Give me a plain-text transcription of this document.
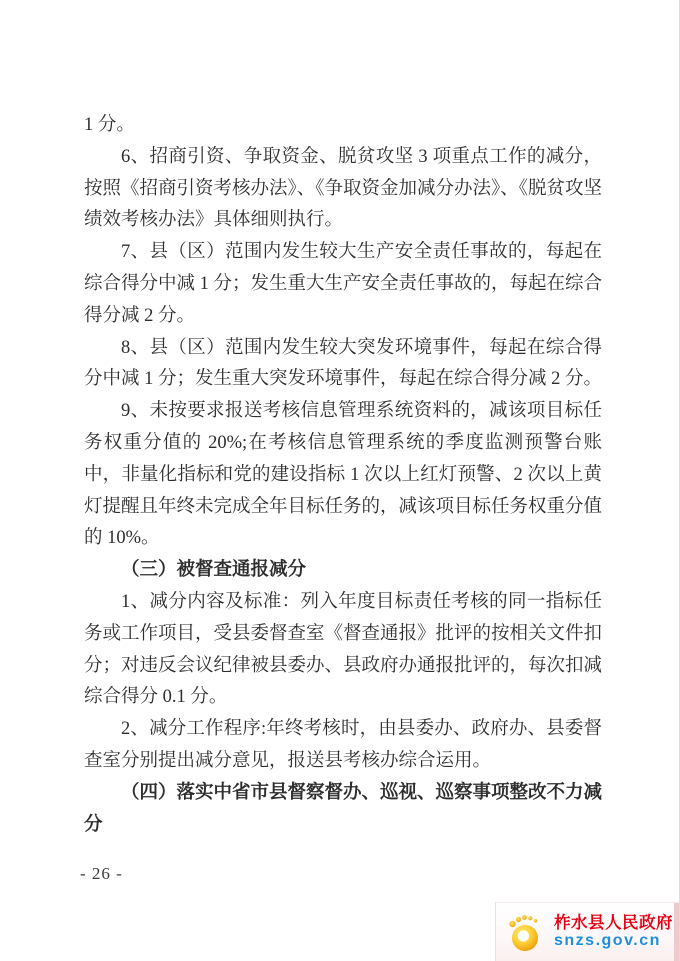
1 分。

6、招商引资、争取资金、脱贫攻坚 3 项重点工作的减分，按照《招商引资考核办法》、《争取资金加减分办法》、《脱贫攻坚绩效考核办法》具体细则执行。

7、县（区）范围内发生较大生产安全责任事故的，每起在综合得分中减 1 分；发生重大生产安全责任事故的，每起在综合得分减 2 分。

8、县（区）范围内发生较大突发环境事件，每起在综合得分中减 1 分；发生重大突发环境事件，每起在综合得分减 2 分。

9、未按要求报送考核信息管理系统资料的，减该项目标任务权重分值的 20%;在考核信息管理系统的季度监测预警台账中，非量化指标和党的建设指标 1 次以上红灯预警、2 次以上黄灯提醒且年终未完成全年目标任务的，减该项目标任务权重分值的 10%。

（三）被督查通报减分

1、减分内容及标准：列入年度目标责任考核的同一指标任务或工作项目，受县委督查室《督查通报》批评的按相关文件扣分；对违反会议纪律被县委办、县政府办通报批评的，每次扣减综合得分 0.1 分。

2、减分工作程序:年终考核时，由县委办、政府办、县委督查室分别提出减分意见，报送县考核办综合运用。

（四）落实中省市县督察督办、巡视、巡察事项整改不力减分

- 26 -
柞水县人民政府
snzs.gov.cn
